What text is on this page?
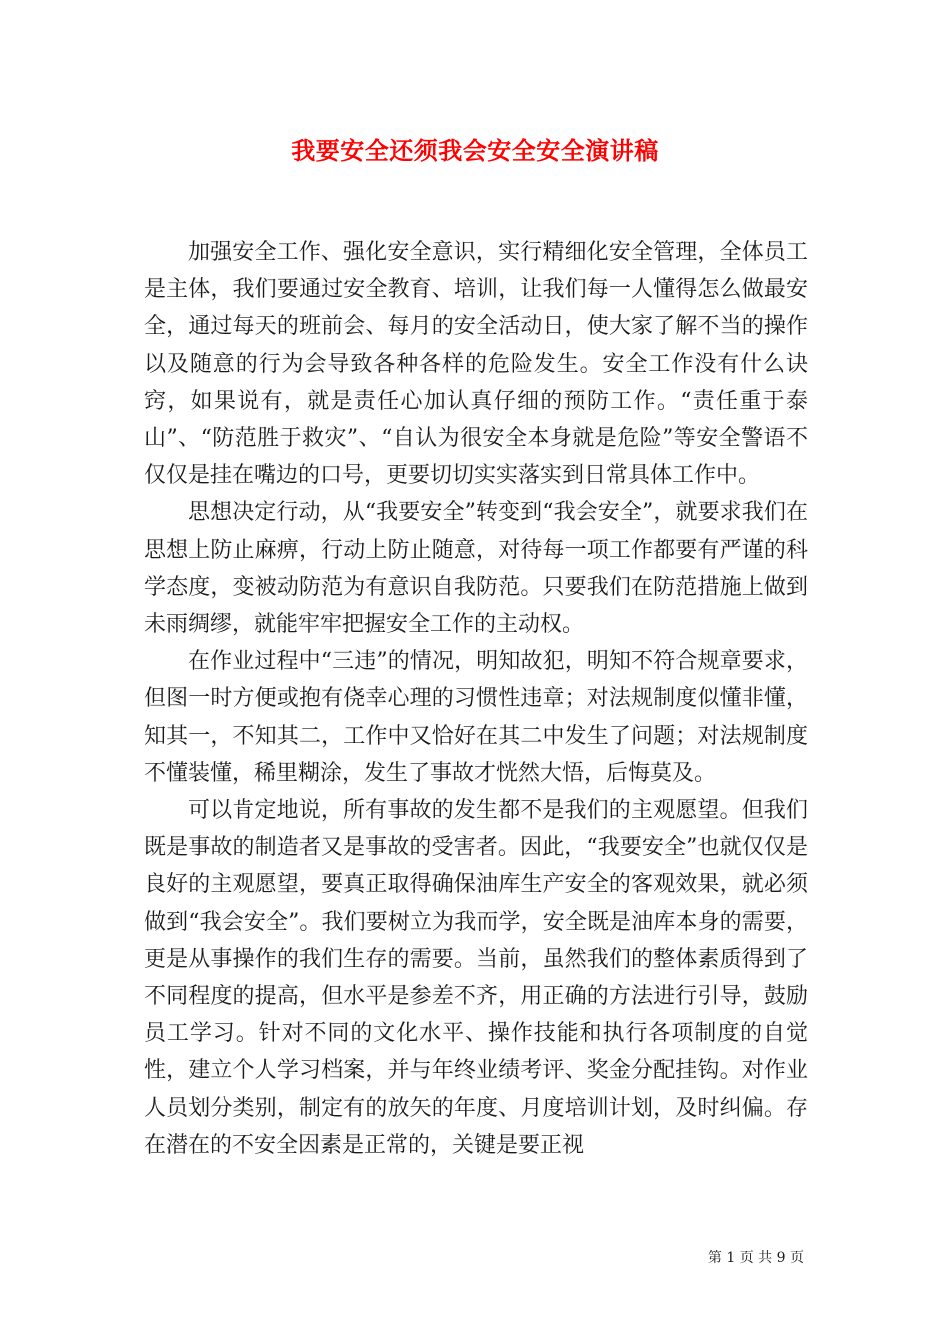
我要安全还须我会安全安全演讲稿

加强安全工作、强化安全意识，实行精细化安全管理，全体员工是主体，我们要通过安全教育、培训，让我们每一人懂得怎么做最安全，通过每天的班前会、每月的安全活动日，使大家了解不当的操作以及随意的行为会导致各种各样的危险发生。安全工作没有什么诀窍，如果说有，就是责任心加认真仔细的预防工作。“责任重于泰山”、“防范胜于救灾”、“自认为很安全本身就是危险”等安全警语不仅仅是挂在嘴边的口号，更要切切实实落实到日常具体工作中。

思想决定行动，从“我要安全”转变到“我会安全”，就要求我们在思想上防止麻痹，行动上防止随意，对待每一项工作都要有严谨的科学态度，变被动防范为有意识自我防范。只要我们在防范措施上做到未雨绸缪，就能牢牢把握安全工作的主动权。

在作业过程中“三违”的情况，明知故犯，明知不符合规章要求，但图一时方便或抱有侥幸心理的习惯性违章；对法规制度似懂非懂，知其一，不知其二，工作中又恰好在其二中发生了问题；对法规制度不懂装懂，稀里糊涂，发生了事故才恍然大悟，后悔莫及。

可以肯定地说，所有事故的发生都不是我们的主观愿望。但我们既是事故的制造者又是事故的受害者。因此，“我要安全”也就仅仅是良好的主观愿望，要真正取得确保油库生产安全的客观效果，就必须做到“我会安全”。我们要树立为我而学，安全既是油库本身的需要，更是从事操作的我们生存的需要。当前，虽然我们的整体素质得到了不同程度的提高，但水平是参差不齐，用正确的方法进行引导，鼓励员工学习。针对不同的文化水平、操作技能和执行各项制度的自觉性，建立个人学习档案，并与年终业绩考评、奖金分配挂钩。对作业人员划分类别，制定有的放矢的年度、月度培训计划，及时纠偏。存在潜在的不安全因素是正常的，关键是要正视

第 1 页 共 9 页
